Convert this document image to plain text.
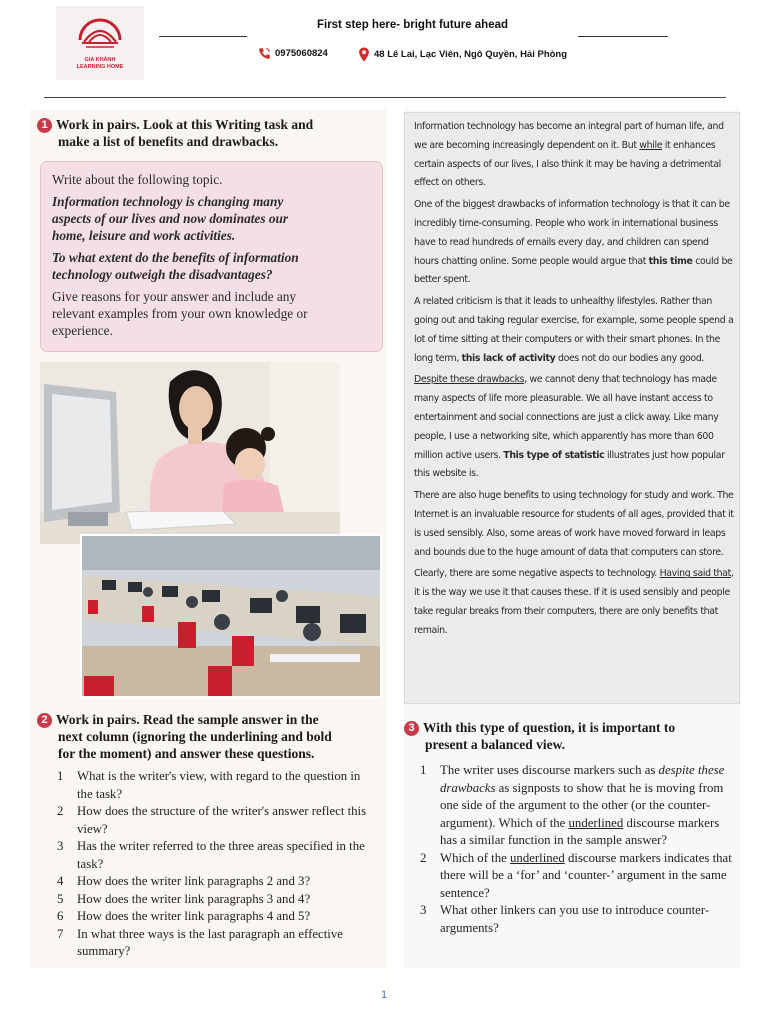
GIA KHÁNH
LEARNING HOME
First step here- bright future ahead
0975060824	48 Lê Lai, Lạc Viên, Ngô Quyền, Hải Phòng
1 Work in pairs. Look at this Writing task and
make a list of benefits and drawbacks.

Write about the following topic.

Information technology is changing many
aspects of our lives and now dominates our
home, leisure and work activities.

To what extent do the benefits of information
technology outweigh the disadvantages?

Give reasons for your answer and include any
relevant examples from your own knowledge or
experience.

2 Work in pairs. Read the sample answer in the
next column (ignoring the underlining and bold
for the moment) and answer these questions.
1	What is the writer's view, with regard to the question in the task?
2	How does the structure of the writer's answer reflect this view?
3	Has the writer referred to the three areas specified in the task?
4	How does the writer link paragraphs 2 and 3?
5	How does the writer link paragraphs 3 and 4?
6	How does the writer link paragraphs 4 and 5?
7	In what three ways is the last paragraph an effective summary?

Information technology has become an integral part of human life, and we are becoming increasingly dependent on it. But while it enhances certain aspects of our lives, I also think it may be having a detrimental effect on others.

One of the biggest drawbacks of information technology is that it can be incredibly time-consuming. People who work in international business have to read hundreds of emails every day, and children can spend hours chatting online. Some people would argue that this time could be better spent.

A related criticism is that it leads to unhealthy lifestyles. Rather than going out and taking regular exercise, for example, some people spend a lot of time sitting at their computers or with their smart phones. In the long term, this lack of activity does not do our bodies any good.

Despite these drawbacks, we cannot deny that technology has made many aspects of life more pleasurable. We all have instant access to entertainment and social connections are just a click away. Like many people, I use a networking site, which apparently has more than 600 million active users. This type of statistic illustrates just how popular this website is.

There are also huge benefits to using technology for study and work. The Internet is an invaluable resource for students of all ages, provided that it is used sensibly. Also, some areas of work have moved forward in leaps and bounds due to the huge amount of data that computers can store.

Clearly, there are some negative aspects to technology. Having said that, it is the way we use it that causes these. If it is used sensibly and people take regular breaks from their computers, there are only benefits that remain.

3 With this type of question, it is important to
present a balanced view.
1	The writer uses discourse markers such as despite these drawbacks as signposts to show that he is moving from one side of the argument to the other (or the counter-argument). Which of the underlined discourse markers has a similar function in the sample answer?
2	Which of the underlined discourse markers indicates that there will be a ‘for’ and ‘counter-’ argument in the same sentence?
3	What other linkers can you use to introduce counter-arguments?
1
